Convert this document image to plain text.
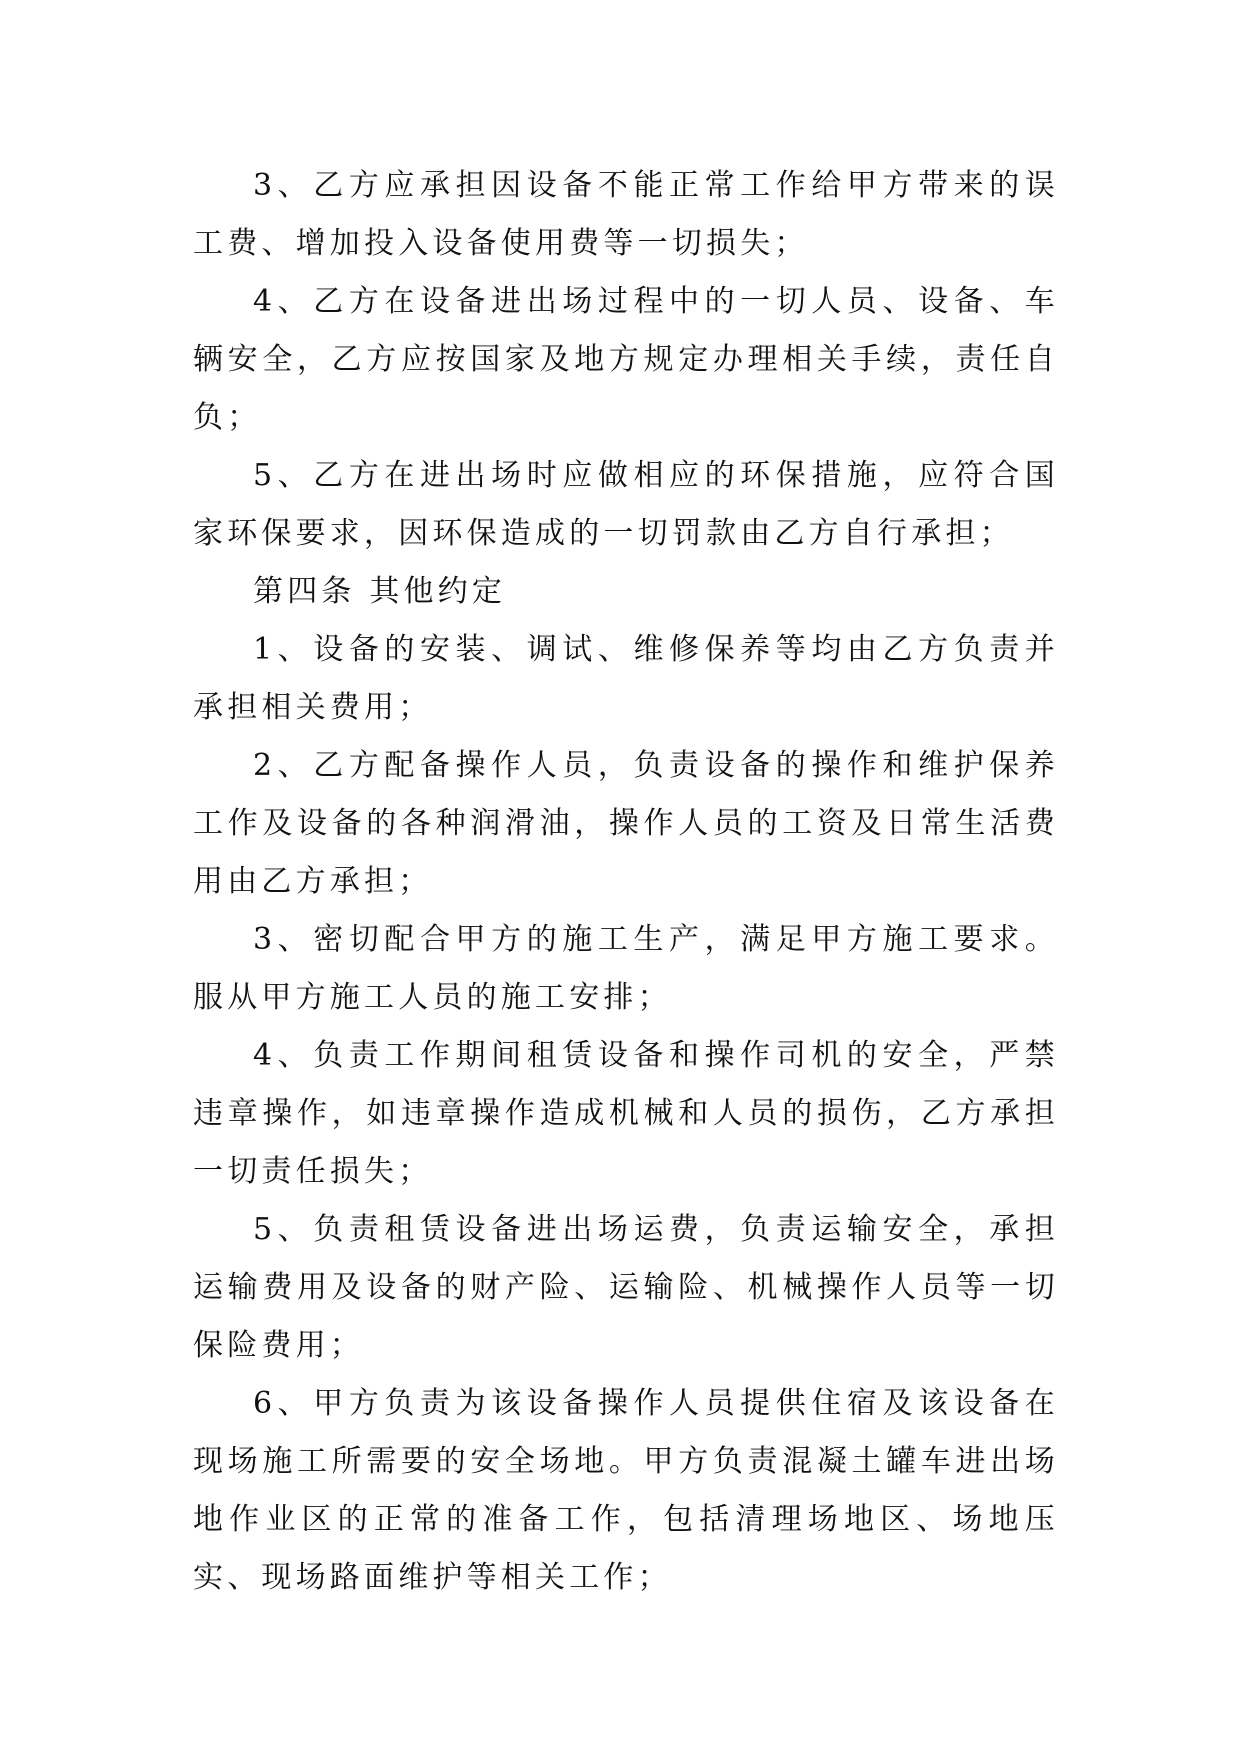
3、乙方应承担因设备不能正常工作给甲方带来的误工费、增加投入设备使用费等一切损失；

4、乙方在设备进出场过程中的一切人员、设备、车辆安全，乙方应按国家及地方规定办理相关手续，责任自负；

5、乙方在进出场时应做相应的环保措施，应符合国家环保要求，因环保造成的一切罚款由乙方自行承担；

第四条 其他约定

1、设备的安装、调试、维修保养等均由乙方负责并承担相关费用；

2、乙方配备操作人员，负责设备的操作和维护保养工作及设备的各种润滑油，操作人员的工资及日常生活费用由乙方承担；

3、密切配合甲方的施工生产，满足甲方施工要求。服从甲方施工人员的施工安排；

4、负责工作期间租赁设备和操作司机的安全，严禁违章操作，如违章操作造成机械和人员的损伤，乙方承担一切责任损失；

5、负责租赁设备进出场运费，负责运输安全，承担运输费用及设备的财产险、运输险、机械操作人员等一切保险费用；

6、甲方负责为该设备操作人员提供住宿及该设备在现场施工所需要的安全场地。甲方负责混凝土罐车进出场地作业区的正常的准备工作，包括清理场地区、场地压实、现场路面维护等相关工作；
